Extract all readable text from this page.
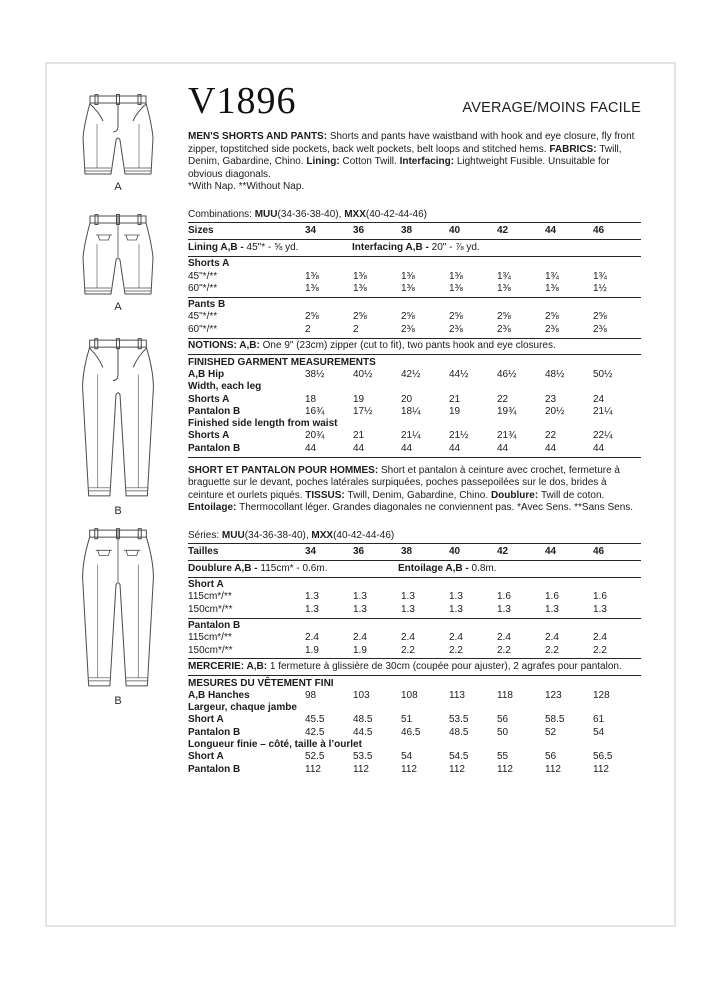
A
A
B
B
V1896	AVERAGE/MOINS FACILE
MEN'S SHORTS AND PANTS: Shorts and pants have waistband with hook and eye closure, fly front zipper, topstitched side pockets, back welt pockets, belt loops and stitched hems. FABRICS: Twill, Denim, Gabardine, Chino. Lining: Cotton Twill. Interfacing: Lightweight Fusible. Unsuitable for obvious diagonals.
*With Nap. **Without Nap.
Combinations: MUU(34-36-38-40), MXX(40-42-44-46)
Sizes	34	36	38	40	42	44	46
Lining A,B - 45"* - ⅝ yd.	Interfacing A,B - 20" - ⅞ yd.
Shorts A
45"*/**	1⅜	1⅜	1⅜	1⅜	1¾	1¾	1¾
60"*/**	1⅜	1⅜	1⅜	1⅜	1⅜	1⅜	1½
Pants B
45"*/**	2⅝	2⅝	2⅝	2⅝	2⅝	2⅝	2⅝
60"*/**	2	2	2⅜	2⅜	2⅜	2⅜	2⅜
NOTIONS: A,B: One 9" (23cm) zipper (cut to fit), two pants hook and eye closures.
FINISHED GARMENT MEASUREMENTS
A,B Hip	38½	40½	42½	44½	46½	48½	50½
Width, each leg
Shorts A	18	19	20	21	22	23	24
Pantalon B	16¾	17½	18¼	19	19¾	20½	21¼
Finished side length from waist
Shorts A	20¾	21	21¼	21½	21¾	22	22¼
Pantalon B	44	44	44	44	44	44	44
SHORT ET PANTALON POUR HOMMES: Short et pantalon à ceinture avec crochet, fermeture à braguette sur le devant, poches latérales surpiquées, poches passepoilées sur le dos, brides à ceinture et ourlets piqués. TISSUS: Twill, Denim, Gabardine, Chino. Doublure: Twill de coton. Entoilage: Thermocollant léger. Grandes diagonales ne conviennent pas. *Avec Sens. **Sans Sens.
Séries: MUU(34-36-38-40), MXX(40-42-44-46)
Tailles	34	36	38	40	42	44	46
Doublure A,B - 115cm* - 0.6m.	Entoilage A,B - 0.8m.
Short A
115cm*/**	1.3	1.3	1.3	1.3	1.6	1.6	1.6
150cm*/**	1.3	1.3	1.3	1.3	1.3	1.3	1.3
Pantalon B
115cm*/**	2.4	2.4	2.4	2.4	2.4	2.4	2.4
150cm*/**	1.9	1.9	2.2	2.2	2.2	2.2	2.2
MERCERIE: A,B: 1 fermeture à glissière de 30cm (coupée pour ajuster), 2 agrafes pour pantalon.
MESURES DU VÊTEMENT FINI
A,B Hanches	98	103	108	113	118	123	128
Largeur, chaque jambe
Short A	45.5	48.5	51	53.5	56	58.5	61
Pantalon B	42.5	44.5	46.5	48.5	50	52	54
Longueur finie – côté, taille à l’ourlet
Short A	52.5	53.5	54	54.5	55	56	56.5
Pantalon B	112	112	112	112	112	112	112
